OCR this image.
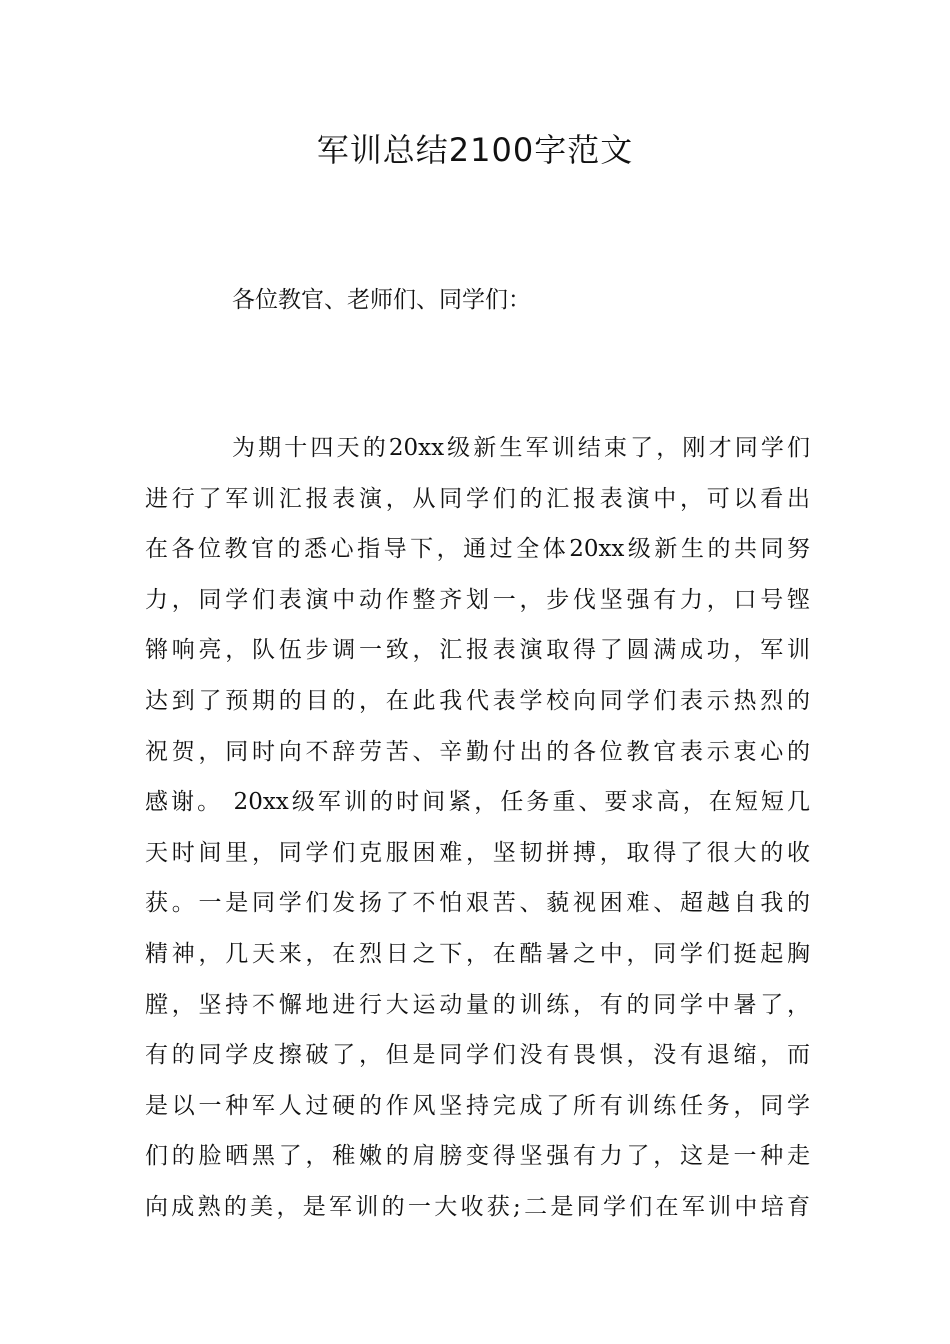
军训总结2100字范文
各位教官、老师们、同学们：
为期十四天的20xx级新生军训结束了，刚才同学们
进行了军训汇报表演，从同学们的汇报表演中，可以看出
在各位教官的悉心指导下，通过全体20xx级新生的共同努
力，同学们表演中动作整齐划一，步伐坚强有力，口号铿
锵响亮，队伍步调一致，汇报表演取得了圆满成功，军训
达到了预期的目的，在此我代表学校向同学们表示热烈的
祝贺，同时向不辞劳苦、辛勤付出的各位教官表示衷心的
感谢。 20xx级军训的时间紧，任务重、要求高，在短短几
天时间里，同学们克服困难，坚韧拼搏，取得了很大的收
获。一是同学们发扬了不怕艰苦、藐视困难、超越自我的
精神，几天来，在烈日之下，在酷暑之中，同学们挺起胸
膛，坚持不懈地进行大运动量的训练，有的同学中暑了，
有的同学皮擦破了，但是同学们没有畏惧，没有退缩，而
是以一种军人过硬的作风坚持完成了所有训练任务，同学
们的脸晒黑了，稚嫩的肩膀变得坚强有力了，这是一种走
向成熟的美，是军训的一大收获;二是同学们在军训中培育
